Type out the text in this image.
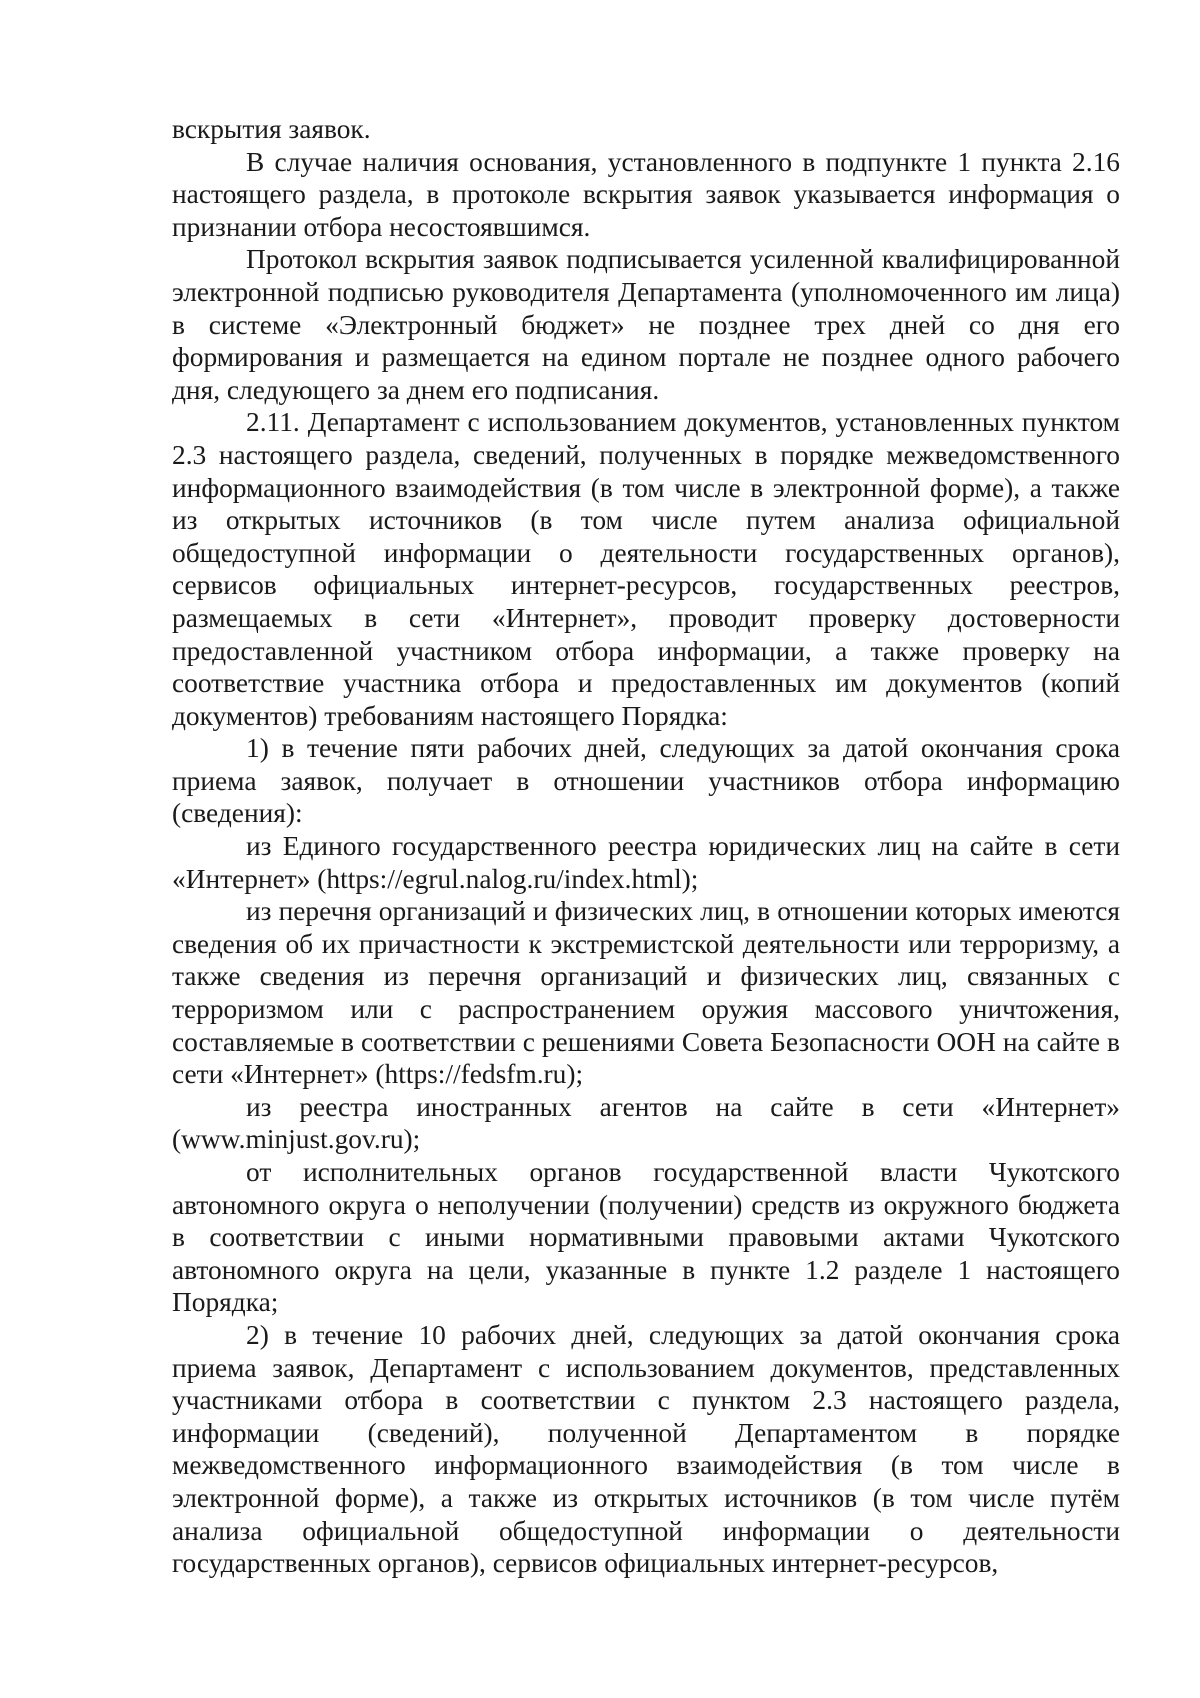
вскрытия заявок.

В случае наличия основания, установленного в подпункте 1 пункта 2.16 настоящего раздела, в протоколе вскрытия заявок указывается информация о признании отбора несостоявшимся.

Протокол вскрытия заявок подписывается усиленной квалифицированной электронной подписью руководителя Департамента (уполномоченного им лица) в системе «Электронный бюджет» не позднее трех дней со дня его формирования и размещается на едином портале не позднее одного рабочего дня, следующего за днем его подписания.

2.11. Департамент с использованием документов, установленных пунктом 2.3 настоящего раздела, сведений, полученных в порядке межведомственного информационного взаимодействия (в том числе в электронной форме), а также из открытых источников (в том числе путем анализа официальной общедоступной информации о деятельности государственных органов), сервисов официальных интернет-ресурсов, государственных реестров, размещаемых в сети «Интернет», проводит проверку достоверности предоставленной участником отбора информации, а также проверку на соответствие участника отбора и предоставленных им документов (копий документов) требованиям настоящего Порядка:

1) в течение пяти рабочих дней, следующих за датой окончания срока приема заявок, получает в отношении участников отбора информацию (сведения):

из Единого государственного реестра юридических лиц на сайте в сети «Интернет» (https://egrul.nalog.ru/index.html);

из перечня организаций и физических лиц, в отношении которых имеются сведения об их причастности к экстремистской деятельности или терроризму, а также сведения из перечня организаций и физических лиц, связанных с терроризмом или с распространением оружия массового уничтожения, составляемые в соответствии с решениями Совета Безопасности ООН на сайте в сети «Интернет» (https://fedsfm.ru);

из реестра иностранных агентов на сайте в сети «Интернет» (www.minjust.gov.ru);

от исполнительных органов государственной власти Чукотского автономного округа о неполучении (получении) средств из окружного бюджета в соответствии с иными нормативными правовыми актами Чукотского автономного округа на цели, указанные в пункте 1.2 разделе 1 настоящего Порядка;

2) в течение 10 рабочих дней, следующих за датой окончания срока приема заявок, Департамент с использованием документов, представленных участниками отбора в соответствии с пунктом 2.3 настоящего раздела, информации (сведений), полученной Департаментом в порядке межведомственного информационного взаимодействия (в том числе в электронной форме), а также из открытых источников (в том числе путём анализа официальной общедоступной информации о деятельности государственных органов), сервисов официальных интернет-ресурсов,
